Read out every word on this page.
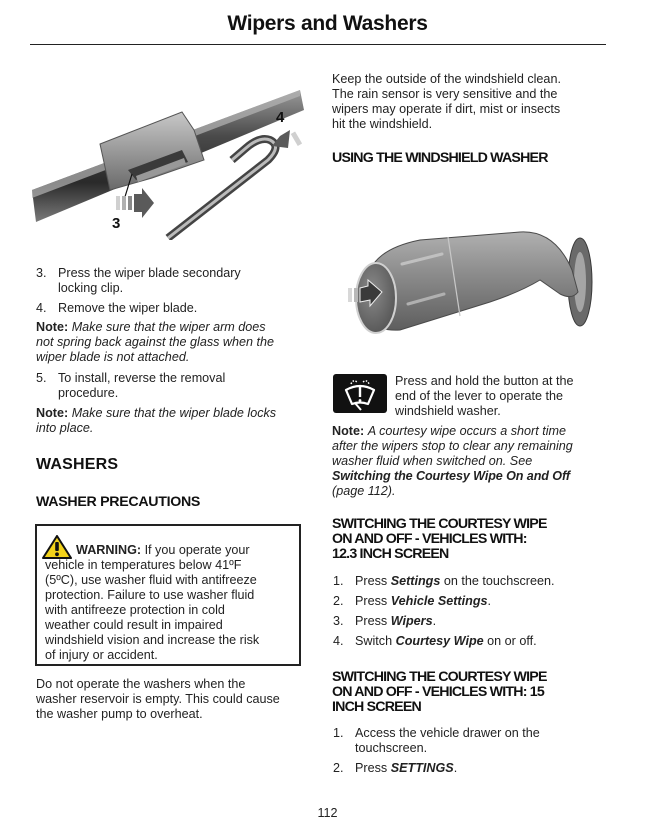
Wipers and Washers
3
4
3. Press the wiper blade secondary
locking clip.
4. Remove the wiper blade.
Note: Make sure that the wiper arm does
not spring back against the glass when the
wiper blade is not attached.
5. To install, reverse the removal
procedure.
Note: Make sure that the wiper blade locks
into place.
WASHERS
WASHER PRECAUTIONS
WARNING: If you operate your
vehicle in temperatures below 41ºF
(5ºC), use washer fluid with antifreeze
protection. Failure to use washer fluid
with antifreeze protection in cold
weather could result in impaired
windshield vision and increase the risk
of injury or accident.
Do not operate the washers when the
washer reservoir is empty. This could cause
the washer pump to overheat.
Keep the outside of the windshield clean.
The rain sensor is very sensitive and the
wipers may operate if dirt, mist or insects
hit the windshield.
USING THE WINDSHIELD WASHER
Press and hold the button at the
end of the lever to operate the
windshield washer.
Note: A courtesy wipe occurs a short time
after the wipers stop to clear any remaining
washer fluid when switched on. See
Switching the Courtesy Wipe On and Off
(page 112).
SWITCHING THE COURTESY WIPE
ON AND OFF - VEHICLES WITH:
12.3 INCH SCREEN
1. Press Settings on the touchscreen.
2. Press Vehicle Settings.
3. Press Wipers.
4. Switch Courtesy Wipe on or off.
SWITCHING THE COURTESY WIPE
ON AND OFF - VEHICLES WITH: 15
INCH SCREEN
1. Access the vehicle drawer on the
touchscreen.
2. Press SETTINGS.
112
